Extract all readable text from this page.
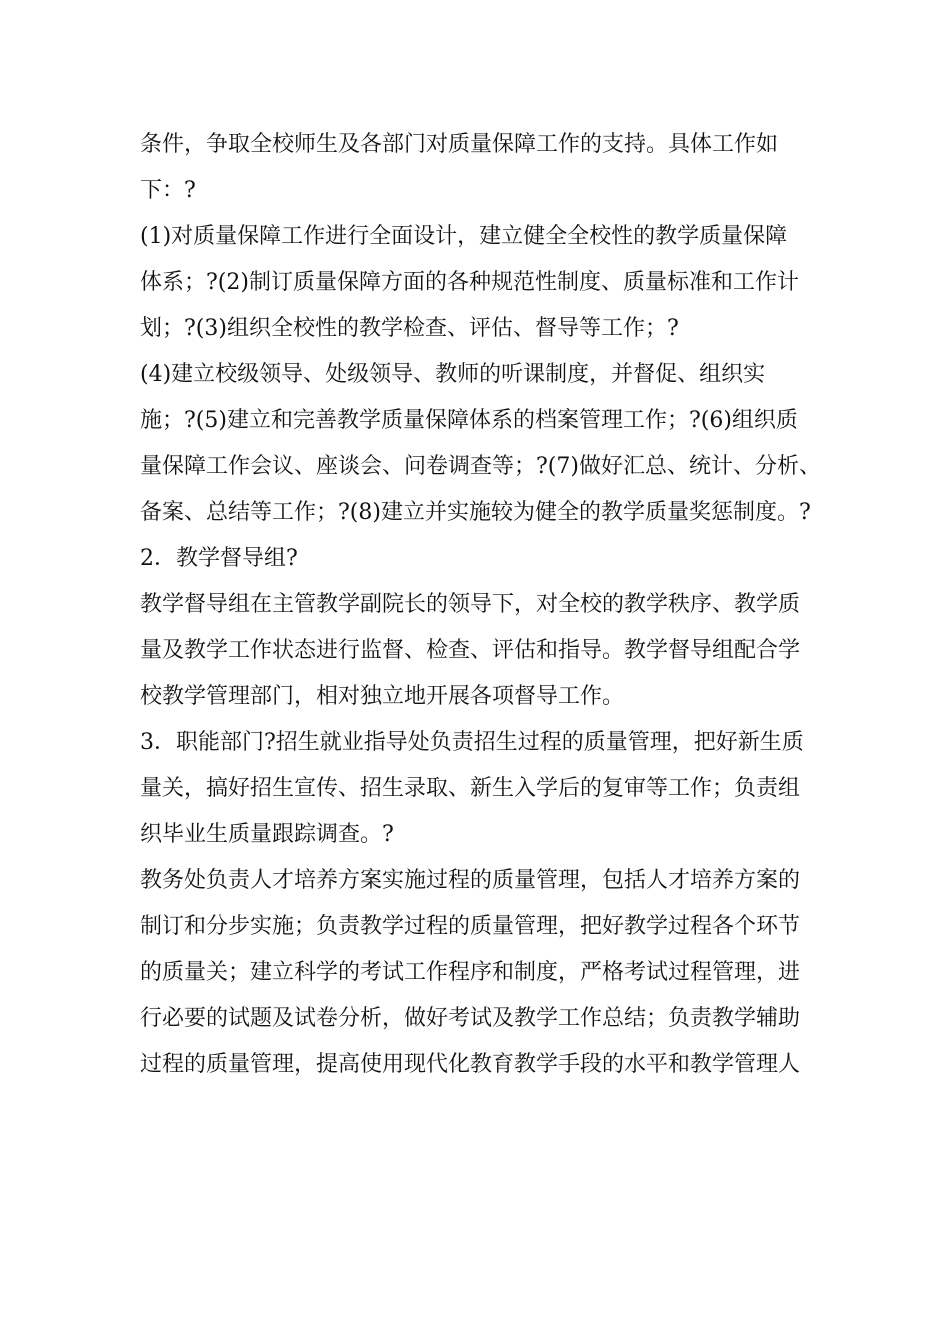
条件，争取全校师生及各部门对质量保障工作的支持。具体工作如
下：?
(1)对质量保障工作进行全面设计，建立健全全校性的教学质量保障
体系；?(2)制订质量保障方面的各种规范性制度、质量标准和工作计
划；?(3)组织全校性的教学检查、评估、督导等工作；?
(4)建立校级领导、处级领导、教师的听课制度，并督促、组织实
施；?(5)建立和完善教学质量保障体系的档案管理工作；?(6)组织质
量保障工作会议、座谈会、问卷调查等；?(7)做好汇总、统计、分析、
备案、总结等工作；?(8)建立并实施较为健全的教学质量奖惩制度。?
2．教学督导组?
教学督导组在主管教学副院长的领导下，对全校的教学秩序、教学质
量及教学工作状态进行监督、检查、评估和指导。教学督导组配合学
校教学管理部门，相对独立地开展各项督导工作。
3．职能部门?招生就业指导处负责招生过程的质量管理，把好新生质
量关，搞好招生宣传、招生录取、新生入学后的复审等工作；负责组
织毕业生质量跟踪调查。?
教务处负责人才培养方案实施过程的质量管理，包括人才培养方案的
制订和分步实施；负责教学过程的质量管理，把好教学过程各个环节
的质量关；建立科学的考试工作程序和制度，严格考试过程管理，进
行必要的试题及试卷分析，做好考试及教学工作总结；负责教学辅助
过程的质量管理，提高使用现代化教育教学手段的水平和教学管理人
